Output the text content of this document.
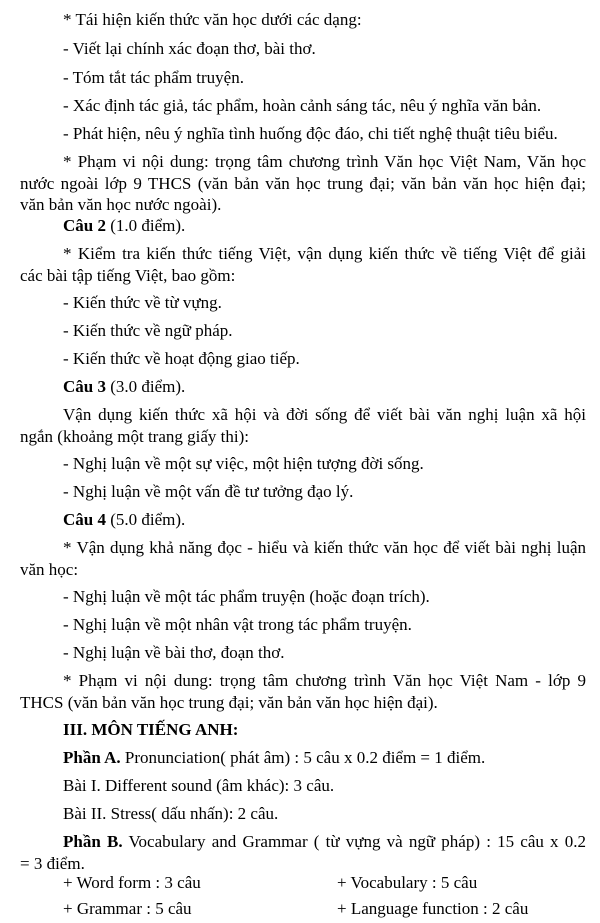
* Tái hiện kiến thức văn học dưới các dạng:
- Viết lại chính xác đoạn thơ, bài thơ.
- Tóm tắt tác phẩm truyện.
- Xác định tác giả, tác phẩm, hoàn cảnh sáng tác, nêu ý nghĩa văn bản.
- Phát hiện, nêu ý nghĩa tình huống độc đáo, chi tiết nghệ thuật tiêu biểu.
* Phạm vi nội dung: trọng tâm chương trình Văn học Việt Nam, Văn học
nước ngoài lớp 9 THCS (văn bản văn học trung đại; văn bản văn học hiện đại;
văn bản văn học nước ngoài).
Câu 2 (1.0 điểm).
* Kiểm tra kiến thức tiếng Việt, vận dụng kiến thức về tiếng Việt để giải
các bài tập tiếng Việt, bao gồm:
- Kiến thức về từ vựng.
- Kiến thức về ngữ pháp.
- Kiến thức về hoạt động giao tiếp.
Câu 3 (3.0 điểm).
Vận dụng kiến thức xã hội và đời sống để viết bài văn nghị luận xã hội
ngắn (khoảng một trang giấy thi):
- Nghị luận về một sự việc, một hiện tượng đời sống.
- Nghị luận về một vấn đề tư tưởng đạo lý.
Câu 4 (5.0 điểm).
* Vận dụng khả năng đọc - hiểu và kiến thức văn học để viết bài nghị luận
văn học:
- Nghị luận về một tác phẩm truyện (hoặc đoạn trích).
- Nghị luận về một nhân vật trong tác phẩm truyện.
- Nghị luận về bài thơ, đoạn thơ.
* Phạm vi nội dung: trọng tâm chương trình Văn học Việt Nam - lớp 9
THCS (văn bản văn học trung đại; văn bản văn học hiện đại).
III. MÔN TIẾNG ANH:
Phần A. Pronunciation( phát âm) : 5 câu x 0.2 điểm = 1 điểm.
Bài I. Different sound (âm khác): 3 câu.
Bài II. Stress( dấu nhấn): 2 câu.
Phần B. Vocabulary and Grammar ( từ vựng và ngữ pháp) : 15 câu x 0.2
= 3 điểm.
+ Word form : 3 câu	+ Vocabulary : 5 câu
+ Grammar : 5 câu	+ Language function : 2 câu
